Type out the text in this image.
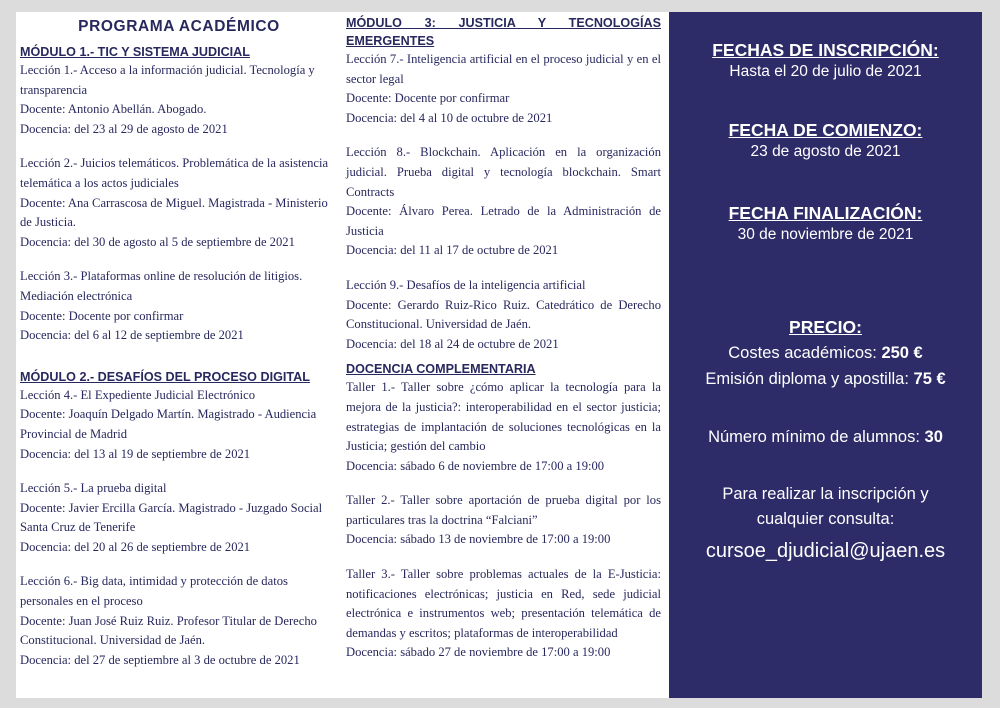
PROGRAMA ACADÉMICO
MÓDULO 1.- TIC Y SISTEMA JUDICIAL
Lección 1.- Acceso a la información judicial. Tecnología y transparencia
Docente: Antonio Abellán. Abogado.
Docencia: del 23 al 29 de agosto de 2021
Lección 2.- Juicios telemáticos. Problemática de la asistencia telemática a los actos judiciales
Docente: Ana Carrascosa de Miguel. Magistrada - Ministerio de Justicia.
Docencia: del 30 de agosto al 5 de septiembre de 2021
Lección 3.- Plataformas online de resolución de litigios. Mediación electrónica
Docente: Docente por confirmar
Docencia: del 6 al 12 de septiembre de 2021
MÓDULO 2.- DESAFÍOS DEL PROCESO DIGITAL
Lección 4.- El Expediente Judicial Electrónico
Docente: Joaquín Delgado Martín. Magistrado - Audiencia Provincial de Madrid
Docencia: del 13 al 19 de septiembre de 2021
Lección 5.- La prueba digital
Docente: Javier Ercilla García. Magistrado - Juzgado Social Santa Cruz de Tenerife
Docencia: del 20 al 26 de septiembre de 2021
Lección 6.- Big data, intimidad y protección de datos personales en el proceso
Docente: Juan José Ruiz Ruiz. Profesor Titular de Derecho Constitucional. Universidad de Jaén.
Docencia: del 27 de septiembre al 3 de octubre de 2021
MÓDULO 3: JUSTICIA Y TECNOLOGÍAS EMERGENTES
Lección 7.- Inteligencia artificial en el proceso judicial y en el sector legal
Docente: Docente por confirmar
Docencia: del 4 al 10 de octubre de 2021
Lección 8.- Blockchain. Aplicación en la organización judicial. Prueba digital y tecnología blockchain. Smart Contracts
Docente: Álvaro Perea. Letrado de la Administración de Justicia
Docencia: del 11 al 17 de octubre de 2021
Lección 9.- Desafíos de la inteligencia artificial
Docente: Gerardo Ruiz-Rico Ruiz. Catedrático de Derecho Constitucional. Universidad de Jaén.
Docencia: del 18 al 24 de octubre de 2021
DOCENCIA COMPLEMENTARIA
Taller 1.- Taller sobre ¿cómo aplicar la tecnología para la mejora de la justicia?: interoperabilidad en el sector justicia; estrategias de implantación de soluciones tecnológicas en la Justicia; gestión del cambio
Docencia: sábado 6 de noviembre de 17:00 a 19:00
Taller 2.- Taller sobre aportación de prueba digital por los particulares tras la doctrina “Falciani”
Docencia: sábado 13 de noviembre de 17:00 a 19:00
Taller 3.- Taller sobre problemas actuales de la E-Justicia: notificaciones electrónicas; justicia en Red, sede judicial electrónica e instrumentos web; presentación telemática de demandas y escritos; plataformas de interoperabilidad
Docencia: sábado 27 de noviembre de 17:00 a 19:00
FECHAS DE INSCRIPCIÓN:
Hasta el 20 de julio de 2021
FECHA DE COMIENZO:
23 de agosto de 2021
FECHA FINALIZACIÓN:
30 de noviembre de 2021
PRECIO:
Costes académicos: 250 €
Emisión diploma y apostilla: 75 €
Número mínimo de alumnos: 30
Para realizar la inscripción y
cualquier consulta:
cursoe_djudicial@ujaen.es
